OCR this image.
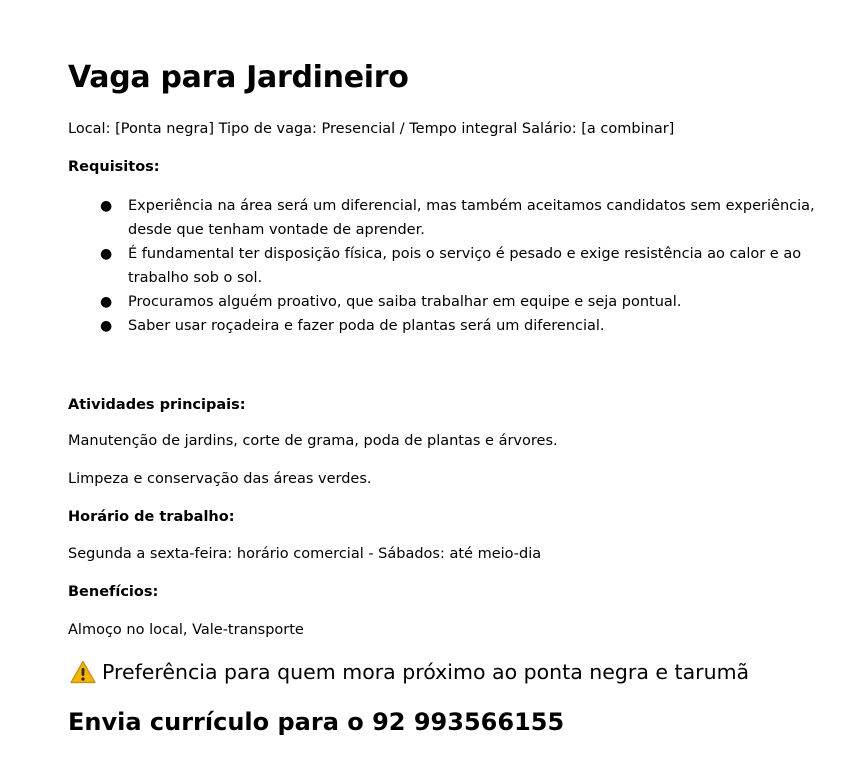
Vaga para Jardineiro
Local: [Ponta negra] Tipo de vaga: Presencial / Tempo integral Salário: [a combinar]
Requisitos:
● Experiência na área será um diferencial, mas também aceitamos candidatos sem experiência, desde que tenham vontade de aprender.
● É fundamental ter disposição física, pois o serviço é pesado e exige resistência ao calor e ao trabalho sob o sol.
● Procuramos alguém proativo, que saiba trabalhar em equipe e seja pontual.
● Saber usar roçadeira e fazer poda de plantas será um diferencial.
Atividades principais:
Manutenção de jardins, corte de grama, poda de plantas e árvores.
Limpeza e conservação das áreas verdes.
Horário de trabalho:
Segunda a sexta-feira: horário comercial - Sábados: até meio-dia
Benefícios:
Almoço no local, Vale-transporte
Preferência para quem mora próximo ao ponta negra e tarumã
Envia currículo para o 92 993566155
